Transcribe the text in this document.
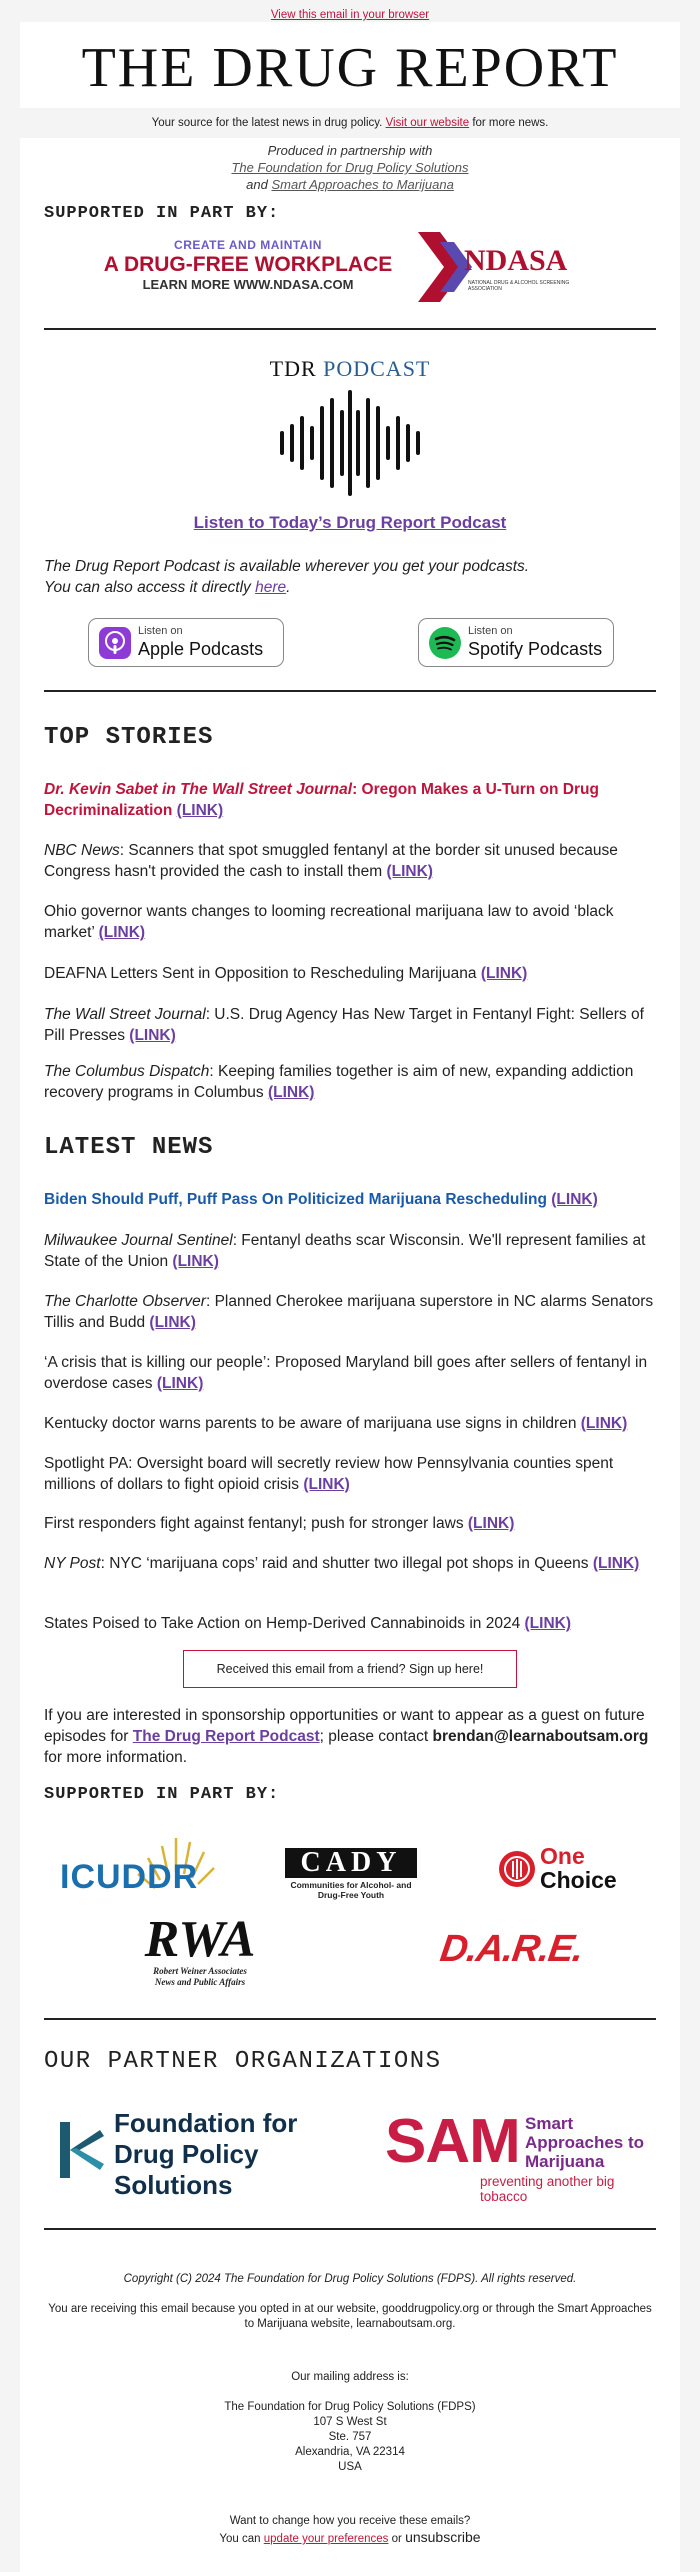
View this email in your browser
THE DRUG REPORT
Your source for the latest news in drug policy. Visit our website for more news.
Produced in partnership with
The Foundation for Drug Policy Solutions
and Smart Approaches to Marijuana
SUPPORTED IN PART BY:
CREATE AND MAINTAIN
A DRUG-FREE WORKPLACE
LEARN MORE WWW.NDASA.COM
NDASA
NATIONAL DRUG & ALCOHOL SCREENING ASSOCIATION
TDR PODCAST
Listen to Today’s Drug Report Podcast
The Drug Report Podcast is available wherever you get your podcasts.
You can also access it directly here.
Listen on
Apple Podcasts
Listen on
Spotify Podcasts
TOP STORIES
Dr. Kevin Sabet in The Wall Street Journal: Oregon Makes a U-Turn on Drug Decriminalization (LINK)
NBC News: Scanners that spot smuggled fentanyl at the border sit unused because Congress hasn't provided the cash to install them (LINK)
Ohio governor wants changes to looming recreational marijuana law to avoid ‘black market’ (LINK)
DEAFNA Letters Sent in Opposition to Rescheduling Marijuana (LINK)
The Wall Street Journal: U.S. Drug Agency Has New Target in Fentanyl Fight: Sellers of Pill Presses (LINK)
The Columbus Dispatch: Keeping families together is aim of new, expanding addiction recovery programs in Columbus (LINK)
LATEST NEWS
Biden Should Puff, Puff Pass On Politicized Marijuana Rescheduling (LINK)
Milwaukee Journal Sentinel: Fentanyl deaths scar Wisconsin. We'll represent families at State of the Union (LINK)
The Charlotte Observer: Planned Cherokee marijuana superstore in NC alarms Senators Tillis and Budd (LINK)
‘A crisis that is killing our people’: Proposed Maryland bill goes after sellers of fentanyl in overdose cases (LINK)
Kentucky doctor warns parents to be aware of marijuana use signs in children (LINK)
Spotlight PA: Oversight board will secretly review how Pennsylvania counties spent millions of dollars to fight opioid crisis (LINK)
First responders fight against fentanyl; push for stronger laws (LINK)
NY Post: NYC ‘marijuana cops’ raid and shutter two illegal pot shops in Queens (LINK)
States Poised to Take Action on Hemp-Derived Cannabinoids in 2024 (LINK)
Received this email from a friend? Sign up here!
If you are interested in sponsorship opportunities or want to appear as a guest on future episodes for The Drug Report Podcast; please contact brendan@learnaboutsam.org for more information.
SUPPORTED IN PART BY:
ICUDDR	CADY
Communities for Alcohol- and Drug-Free Youth
One
Choice
RWA
Robert Weiner Associates
News and Public Affairs
D.A.R.E.
OUR PARTNER ORGANIZATIONS
Foundation for
Drug Policy
Solutions
SAM Smart
Approaches to
Marijuana
preventing another big tobacco
Copyright (C) 2024 The Foundation for Drug Policy Solutions (FDPS). All rights reserved.
You are receiving this email because you opted in at our website, gooddrugpolicy.org or through the Smart Approaches to Marijuana website, learnaboutsam.org.
Our mailing address is:
The Foundation for Drug Policy Solutions (FDPS)
107 S West St
Ste. 757
Alexandria, VA 22314
USA
Want to change how you receive these emails?
You can update your preferences or unsubscribe
